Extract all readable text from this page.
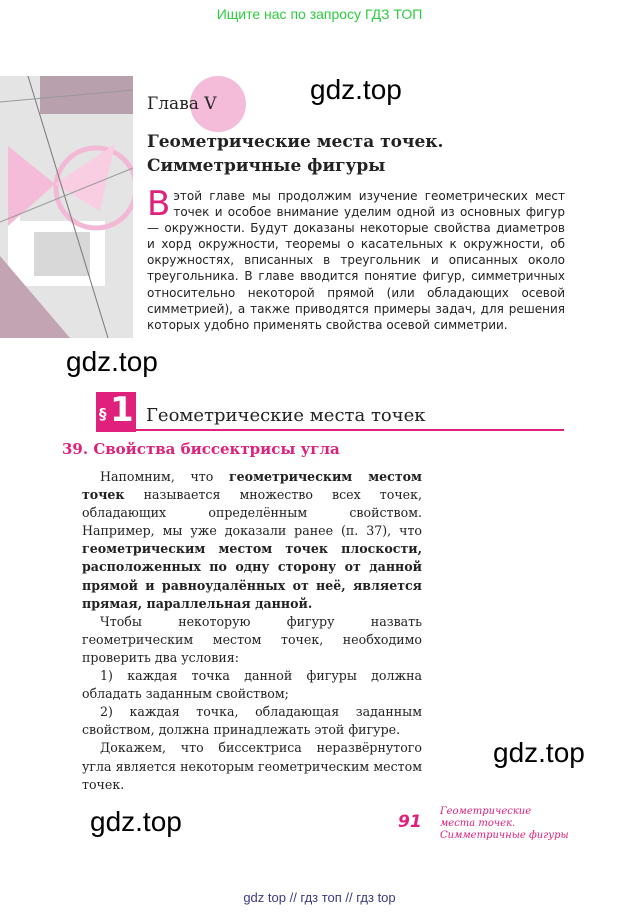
Ищите нас по запросу ГДЗ ТОП
Глава V	gdz.top
Геометрические места точек.
Симметричные фигуры
Вэтой главе мы продолжим изучение геометрических мест точек и особое внимание уделим одной из основных фигур — окружности. Будут доказаны некоторые свойства диаметров и хорд окружности, теоремы о касательных к окружности, об окружностях, вписанных в треугольник и описанных около треугольника. В главе вводится понятие фигур, симметричных относительно некоторой прямой (или обладающих осевой симметрией), а также приводятся примеры задач, для решения которых удобно применять свойства осевой симметрии.
gdz.top
§ 1 Геометрические места точек
39. Свойства биссектрисы угла

Напомним, что геометрическим местом точек называется множество всех точек, обладающих определённым свойством. Например, мы уже доказали ранее (п. 37), что геометрическим местом точек плоскости, расположенных по одну сторону от данной прямой и равноудалённых от неё, является прямая, параллельная данной.

Чтобы некоторую фигуру назвать геометрическим местом точек, необходимо проверить два условия:

1) каждая точка данной фигуры должна обладать заданным свойством;

2) каждая точка, обладающая заданным свойством, должна принадлежать этой фигуре.

Докажем, что биссектриса неразвёрнутого угла является некоторым геометрическим местом точек.

gdz.top
gdz.top	91
Геометрические
места точек.
Симметричные фигуры
gdz top // гдз топ // гдз top
